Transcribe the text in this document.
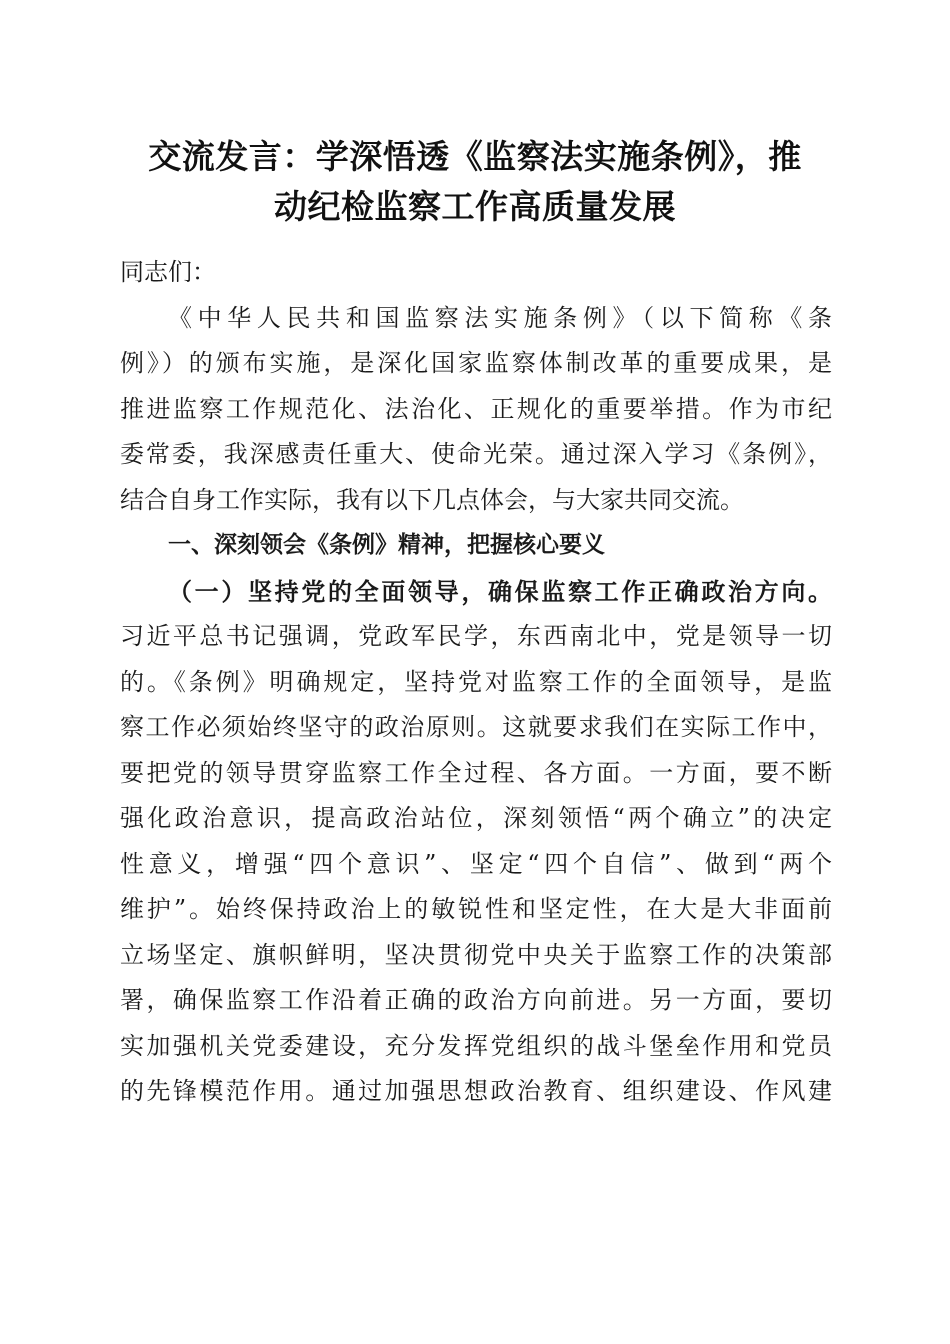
交流发言：学深悟透《监察法实施条例》，推
动纪检监察工作高质量发展
同志们：
《中华人民共和国监察法实施条例》（以下简称《条
例》）的颁布实施，是深化国家监察体制改革的重要成果，是
推进监察工作规范化、法治化、正规化的重要举措。作为市纪
委常委，我深感责任重大、使命光荣。通过深入学习《条例》，
结合自身工作实际，我有以下几点体会，与大家共同交流。
一、深刻领会《条例》精神，把握核心要义
（一）坚持党的全面领导，确保监察工作正确政治方向。
习近平总书记强调，党政军民学，东西南北中，党是领导一切
的。《条例》明确规定，坚持党对监察工作的全面领导，是监
察工作必须始终坚守的政治原则。这就要求我们在实际工作中，
要把党的领导贯穿监察工作全过程、各方面。一方面，要不断
强化政治意识，提高政治站位，深刻领悟“两个确立”的决定
性意义，增强“四个意识”、坚定“四个自信”、做到“两个
维护”。始终保持政治上的敏锐性和坚定性，在大是大非面前
立场坚定、旗帜鲜明，坚决贯彻党中央关于监察工作的决策部
署，确保监察工作沿着正确的政治方向前进。另一方面，要切
实加强机关党委建设，充分发挥党组织的战斗堡垒作用和党员
的先锋模范作用。通过加强思想政治教育、组织建设、作风建
